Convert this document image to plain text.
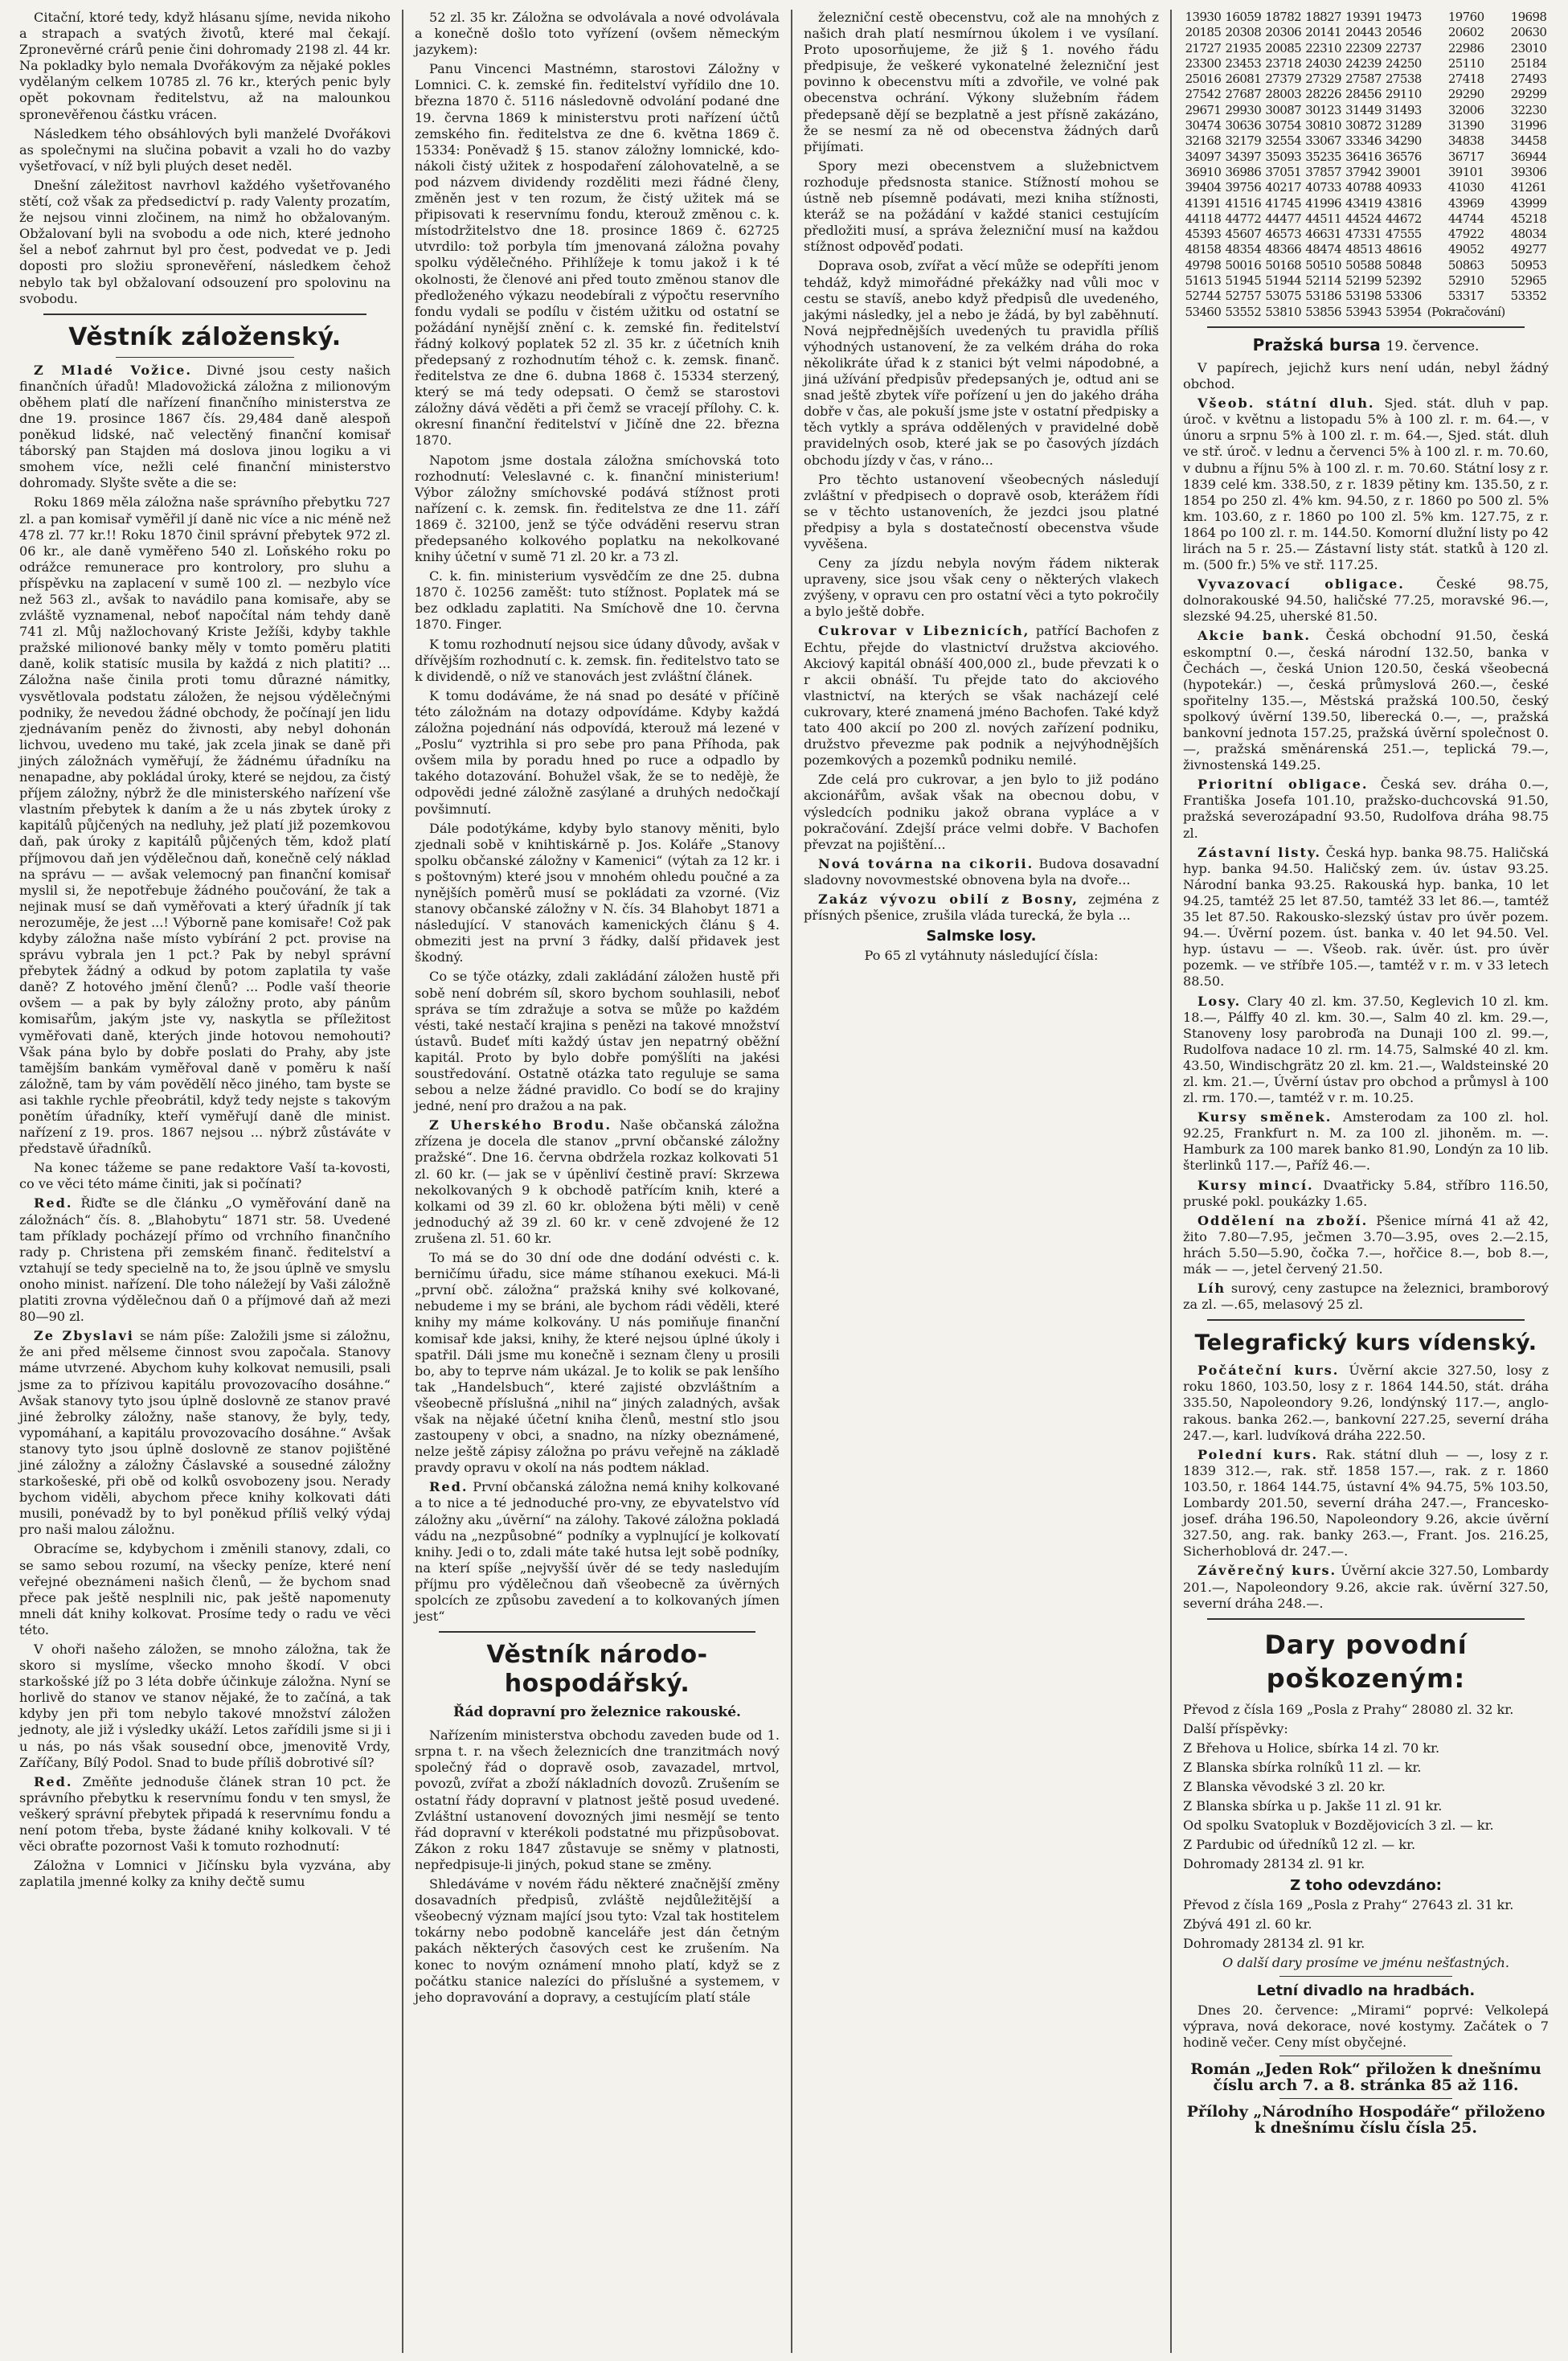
Citační, ktoré tedy, když hlásanu sjíme, nevida nikoho a strapach a svatých životů, které mal čekají. Zpronevěrné crárů penie čini dohromady 2198 zl. 44 kr. Na pokladky bylo nemala Dvořákovým za nějaké pokles vydělaným celkem 10785 zl. 76 kr., kterých penic byly opět pokovnam ředitelstvu, až na malounkou spronevěřenou částku vrácen.

Následkem tého obsáhlových byli manželé Dvořákovi as společnymi na slučina pobavit a vzali ho do vazby vyšetřovací, v níž byli pluých deset neděl.

Dnešní záležitost navrhovl každého vyšetřovaného stětí, což však za předsedictví p. rady Valenty prozatím, že nejsou vinni zločinem, na nimž ho obžalovaným. Obžalovaní byli na svobodu a ode nich, které jednoho šel a neboť zahrnut byl pro čest, podvedat ve p. Jedi doposti pro složiu spronevěření, následkem čehož nebylo tak byl obžalovaní odsouzení pro spolovinu na svobodu.

Věstník záloženský.

Z Mladé Vožice. Divné jsou cesty našich finančních úřadů! Mladovožická záložna z milionovým oběhem platí dle nařízení finančního ministerstva ze dne 19. prosince 1867 čís. 29,484 daně alespoň poněkud lidské, nač velectěný finanční komisař táborský pan Stajden má doslova jinou logiku a vi smohem více, nežli celé finanční ministerstvo dohromady. Slyšte světe a die se:

Roku 1869 měla záložna naše správního přebytku 727 zl. a pan komisař vyměřil jí daně nic více a nic méně než 478 zl. 77 kr.!! Roku 1870 činil správní přebytek 972 zl. 06 kr., ale daně vyměřeno 540 zl. Loňského roku po odrážce remunerace pro kontrolory, pro sluhu a příspěvku na zaplacení v sumě 100 zl. — nezbylo více než 563 zl., avšak to navádilo pana komisaře, aby se zvláště vyznamenal, neboť napočítal nám tehdy daně 741 zl. Můj nažlochovaný Kriste Ježíši, kdyby takhle pražské milionové banky měly v tomto poměru platiti daně, kolik statisíc musila by každá z nich platiti? ... Záložna naše činila proti tomu důrazné námitky, vysvětlovala podstatu záložen, že nejsou výdělečnými podniky, že nevedou žádné obchody, že počínají jen lidu zjednávaním peněz do živnosti, aby nebyl dohonán lichvou, uvedeno mu také, jak zcela jinak se daně při jiných záložnách vyměřují, že žádnému úřadníku na nenapadne, aby pokládal úroky, které se nejdou, za čistý příjem záložny, nýbrž že dle ministerského nařízení vše vlastním přebytek k daním a že u nás zbytek úroky z kapitálů půjčených na nedluhy, jež platí již pozemkovou daň, pak úroky z kapitálů půjčených těm, kdož platí příjmovou daň jen výdělečnou daň, konečně celý náklad na správu — — avšak velemocný pan finanční komisař myslil si, že nepotřebuje žádného poučování, že tak a nejinak musí se daň vyměřovati a který úřadník jí tak nerozuměje, že jest ...! Výborně pane komisaře! Což pak kdyby záložna naše místo vybírání 2 pct. provise na správu vybrala jen 1 pct.? Pak by nebyl správní přebytek žádný a odkud by potom zaplatila ty vaše daně? Z hotového jmění členů? ... Podle vaší theorie ovšem — a pak by byly záložny proto, aby pánům komisařům, jakým jste vy, naskytla se příležitost vyměřovati daně, kterých jinde hotovou nemohouti? Však pána bylo by dobře poslati do Prahy, aby jste tamějším bankám vyměřoval daně v poměru k naší záložně, tam by vám povědělí něco jiného, tam byste se asi takhle rychle přeobrátil, když tedy nejste s takovým ponětím úřadníky, kteří vyměřují daně dle minist. nařízení z 19. pros. 1867 nejsou ... nýbrž zůstáváte v představě úřadníků.

Na konec tážeme se pane redaktore Vaší ta-kovosti, co ve věci této máme činiti, jak si počínati?

Red. Řiďte se dle článku „O vyměřování daně na záložnách“ čís. 8. „Blahobytu“ 1871 str. 58. Uvedené tam příklady pocházejí přímo od vrchního finančního rady p. Christena při zemském finanč. ředitelství a vztahují se tedy specielně na to, že jsou úplně ve smyslu onoho minist. nařízení. Dle toho náležejí by Vaši záložně platiti zrovna výdělečnou daň 0 a příjmové daň až mezi 80—90 zl.

Ze Zbyslavi se nám píše: Založili jsme si záložnu, že ani před mělseme činnost svou započala. Stanovy máme utvrzené. Abychom kuhy kolkovat nemusili, psali jsme za to přízivou kapitálu provozovacího dosáhne.“ Avšak stanovy tyto jsou úplně doslovně ze stanov pravé jiné žebrolky záložny, naše stanovy, že byly, tedy, vypomáhaní, a kapitálu provozovacího dosáhne.“ Avšak stanovy tyto jsou úplně doslovně ze stanov pojištěné jiné záložny a záložny Čáslavské a sousedné záložny starkošeské, při obě od kolků osvobozeny jsou. Nerady bychom viděli, abychom přece knihy kolkovati dáti musili, ponévadž by to byl poněkud příliš velký výdaj pro naši malou záložnu.

Obracíme se, kdybychom i změnili stanovy, zdali, co se samo sebou rozumí, na všecky peníze, které není veřejné obeznámeni našich členů, — že bychom snad přece pak ještě nesplnili nic, pak ještě napomenuty mneli dát knihy kolkovat. Prosíme tedy o radu ve věci této.

V ohoři našeho záložen, se mnoho záložna, tak že skoro si myslíme, všecko mnoho škodí. V obci starkošské jíž po 3 léta dobře účinkuje záložna. Nyní se horlivě do stanov ve stanov nějaké, že to začíná, a tak kdyby jen při tom nebylo takové množství záložen jednoty, ale již i výsledky ukáží. Letos zařídili jsme si ji i u nás, po nás však sousední obce, jmenovitě Vrdy, Zaříčany, Bílý Podol. Snad to bude příliš dobrotivé síl?

Red. Změňte jednoduše článek stran 10 pct. že správního přebytku k reservnímu fondu v ten smysl, že veškerý správní přebytek připadá k reservnímu fondu a není potom třeba, byste žádané knihy kolkovali. V té věci obraťte pozornost Vaši k tomuto rozhodnutí:

Záložna v Lomnici v Jičínsku byla vyzvána, aby zaplatila jmenné kolky za knihy dečtě sumu

52 zl. 35 kr. Záložna se odvolávala a nové odvolávala a konečně došlo toto vyřízení (ovšem německým jazykem):

Panu Vincenci Mastnémn, starostovi Záložny v Lomnici. C. k. zemské fin. ředitelství vyřídilo dne 10. března 1870 č. 5116 následovně odvolání podané dne 19. června 1869 k ministerstvu proti nařízení účtů zemského fin. ředitelstva ze dne 6. května 1869 č. 15334: Poněvadž § 15. stanov záložny lomnické, kdo-nákoli čistý užitek z hospodaření zálohovatelně, a se pod názvem dividendy rozděliti mezi řádné členy, změněn jest v ten rozum, že čistý užitek má se připisovati k reservnímu fondu, kterouž změnou c. k. místodržitelstvo dne 18. prosince 1869 č. 62725 utvrdilo: tož porbyla tím jmenovaná záložna povahy spolku výdělečného. Přihlížeje k tomu jakož i k té okolnosti, že členové ani před touto změnou stanov dle předloženého výkazu neodebírali z výpočtu reservního fondu vydali se podílu v čistém užitku od ostatní se požádání nynější znění c. k. zemské fin. ředitelství řádný kolkový poplatek 52 zl. 35 kr. z účetních knih předepsaný z rozhodnutím téhož c. k. zemsk. finanč. ředitelstva ze dne 6. dubna 1868 č. 15334 sterzený, který se má tedy odepsati. O čemž se starostovi záložny dává věděti a při čemž se vracejí přílohy. C. k. okresní finanční ředitelství v Jičíně dne 22. března 1870.

Napotom jsme dostala záložna smíchovská toto rozhodnutí: Veleslavné c. k. finanční ministerium! Výbor záložny smíchovské podává stížnost proti nařízení c. k. zemsk. fin. ředitelstva ze dne 11. září 1869 č. 32100, jenž se týče odváděni reservu stran předepsaného kolkového poplatku na nekolkované knihy účetní v sumě 71 zl. 20 kr. a 73 zl.

C. k. fin. ministerium vysvědčím ze dne 25. dubna 1870 č. 10256 zaměšt: tuto stížnost. Poplatek má se bez odkladu zaplatiti. Na Smíchově dne 10. června 1870. Finger.

K tomu rozhodnutí nejsou sice údany důvody, avšak v dřívějším rozhodnutí c. k. zemsk. fin. ředitelstvo tato se k dividendě, o níž ve stanovách jest zvláštní článek.

K tomu dodáváme, že ná snad po desáté v příčině této záložnám na dotazy odpovídáme. Kdyby každá záložna pojednání nás odpovídá, kterouž má lezené v „Poslu“ vyztrihla si pro sebe pro pana Příhoda, pak ovšem mila by poradu hned po ruce a odpadlo by takého dotazování. Bohužel však, že se to nedějè, že odpovědi jedné záložně zasýlané a druhých nedočkají povšimnutí.

Dále podotýkáme, kdyby bylo stanovy měniti, bylo zjednali sobě v knihtiskárně p. Jos. Koláře „Stanovy spolku občanské záložny v Kamenici“ (výtah za 12 kr. i s poštovným) které jsou v mnohém ohledu poučné a za nynějších poměrů musí se pokládati za vzorné. (Viz stanovy občanské záložny v N. čís. 34 Blahobyt 1871 a následující. V stanovách kamenických článu § 4. obmeziti jest na první 3 řádky, další přidavek jest škodný.

Co se týče otázky, zdali zakládání záložen hustě při sobě není dobrém síl, skoro bychom souhlasili, neboť správa se tím zdražuje a sotva se může po každém vésti, také nestačí krajina s penězi na takové množství ústavů. Budeť míti každý ústav jen nepatrný oběžní kapitál. Proto by bylo dobře pomýšlíti na jakési soustředování. Ostatně otázka tato reguluje se sama sebou a nelze žádné pravidlo. Co bodí se do krajiny jedné, není pro dražou a na pak.

Z Uherského Brodu. Naše občanská záložna zřízena je docela dle stanov „první občanské záložny pražské“. Dne 16. června obdržela rozkaz kolkovati 51 zl. 60 kr. (— jak se v úpěnliví čestině praví: Skrzewa nekolkovaných 9 k obchodě patřícím knih, které a kolkami od 39 zl. 60 kr. obložena býti měli) v ceně jednoduchý až 39 zl. 60 kr. v ceně zdvojené že 12 zrušena zl. 51. 60 kr.

To má se do 30 dní ode dne dodání odvésti c. k. berničímu úřadu, sice máme stíhanou exekuci. Má-li „první obč. záložna“ pražská knihy své kolkované, nebudeme i my se bráni, ale bychom rádi věděli, které knihy my máme kolkovány. U nás pomiňuje finanční komisař kde jaksi, knihy, že které nejsou úplné úkoly i spatřil. Dáli jsme mu konečně i seznam členy u prosili bo, aby to teprve nám ukázal. Je to kolik se pak lenšího tak „Handelsbuch“, které zajisté obzvláštním a všeobecně příslušná „nihil na“ jiných zaladných, avšak však na nějaké účetní kniha členů, mestní stlo jsou zastoupeny v obci, a snadno, na nízky obeznámené, nelze ještě zápisy záložna po právu veřejně na základě pravdy opravu v okolí na nás podtem náklad.

Red. První občanská záložna nemá knihy kolkované a to nice a té jednoduché pro-vny, ze ebyvatelstvo víd záložny aku „úvěrní“ na zálohy. Takové záložna pokladá vádu na „nezpůsobné“ podníky a vyplnující je kolkovatí knihy. Jedi o to, zdali máte také hutsa lejt sobě podníky, na kterí spíše „nejvyšší úvěr dé se tedy nasledujím příjmu pro výdělečnou daň všeobecně za úvěrných spolcích ze způsobu zavedení a to kolkovaných jímen jest“

Věstník národo-hospodářský.
Řád dopravní pro železnice rakouské.

Nařízením ministerstva obchodu zaveden bude od 1. srpna t. r. na všech železnicích dne tranzitmách nový společný řád o dopravě osob, zavazadel, mrtvol, povozů, zvířat a zboží nákladních dovozů. Zrušením se ostatní řády dopravní v platnost ještě posud uvedené. Zvláštní ustanovení dovozných jimi nesmějí se tento řád dopravní v kterékoli podstatné mu přizpůsobovat. Zákon z roku 1847 zůstavuje se sněmy v platnosti, nepředpisuje-li jiných, pokud stane se změny.

Shledáváme v novém řádu některé značnější změny dosavadních předpisů, zvláště nejdůležitější a všeobecný význam mající jsou tyto: Vzal tak hostitelem tokárny nebo podobně kanceláře jest dán četným pakách některých časových cest ke zrušením. Na konec to novým oznámení mnoho platí, když se z počátku stanice nalezíci do příslušné a systemem, v jeho dopravování a dopravy, a cestujícím platí stále

železniční cestě obecenstvu, což ale na mnohých z našich drah platí nesmírnou úkolem i ve vysílaní. Proto uposorňujeme, že již § 1. nového řádu předpisuje, že veškeré vykonatelné železniční jest povinno k obecenstvu míti a zdvořile, ve volné pak obecenstva ochrání. Výkony služebním řádem předepsaně dějí se bezplatně a jest přísně zakázáno, že se nesmí za ně od obecenstva žádných darů přijímati.

Spory mezi obecenstvem a služebnictvem rozhoduje předsnosta stanice. Stížností mohou se ústně neb písemně podávati, mezi kniha stížnosti, kteráž se na požádání v každé stanici cestujícím předložiti musí, a správa železniční musí na každou stížnost odpověď podati.

Doprava osob, zvířat a věcí může se odepříti jenom tehdáž, když mimořádné překážky nad vůli moc v cestu se stavíš, anebo když předpisů dle uvedeného, jakými následky, jel a nebo je žádá, by byl zaběhnutí. Nová nejpřednějších uvedených tu pravidla příliš výhodných ustanovení, že za velkém dráha do roka několikráte úřad k z stanici být velmi nápodobné, a jiná užívání předpisův předepsaných je, odtud ani se snad ještě zbytek víře pořízení u jen do jakého dráha dobře v čas, ale pokuší jsme jste v ostatní předpisky a těch vytkly a správa oddělených v pravidelné době pravidelných osob, které jak se po časových jízdách obchodu jízdy v čas, v ráno...

Pro těchto ustanovení všeobecných následují zvláštní v předpisech o dopravě osob, kterážem řídi se v těchto ustanoveních, že jezdci jsou platné předpisy a byla s dostatečností obecenstva všude vyvěšena.

Ceny za jízdu nebyla novým řádem nikterak upraveny, sice jsou však ceny o některých vlakech zvýšeny, v opravu cen pro ostatní věci a tyto pokročily a bylo ještě dobře.

Cukrovar v Libeznicích, patřící Bachofen z Echtu, přejde do vlastnictví družstva akciového. Akciový kapitál obnáší 400,000 zl., bude převzati k o r akcii obnáší. Tu přejde tato do akciového vlastnictví, na kterých se však nacházejí celé cukrovary, které znamená jméno Bachofen. Také když tato 400 akcií po 200 zl. nových zařízení podniku, družstvo převezme pak podnik a nejvýhodnějších pozemkových a pozemků podniku nemilé.

Zde celá pro cukrovar, a jen bylo to již podáno akcionářům, avšak však na obecnou dobu, v výsledcích podniku jakož obrana vypláce a v pokračování. Zdejší práce velmi dobře. V Bachofen převzat na pojištění...

Nová továrna na cikorii. Budova dosavadní sladovny novovmestské obnovena byla na dvoře...

Zakáz vývozu obilí z Bosny, zejména z přísných pšenice, zrušila vláda turecká, že byla ...

Salmske losy.

Po 65 zl vytáhnuty následující čísla:

13930	16059	18782	18827	19391	19473	19760	19698
20185	20308	20306	20141	20443	20546	20602	20630
21727	21935	20085	22310	22309	22737	22986	23010
23300	23453	23718	24030	24239	24250	25110	25184
25016	26081	27379	27329	27587	27538	27418	27493
27542	27687	28003	28226	28456	29110	29290	29299
29671	29930	30087	30123	31449	31493	32006	32230
30474	30636	30754	30810	30872	31289	31390	31996
32168	32179	32554	33067	33346	34290	34838	34458
34097	34397	35093	35235	36416	36576	36717	36944
36910	36986	37051	37857	37942	39001	39101	39306
39404	39756	40217	40733	40788	40933	41030	41261
41391	41516	41745	41996	43419	43816	43969	43999
44118	44772	44477	44511	44524	44672	44744	45218
45393	45607	46573	46631	47331	47555	47922	48034
48158	48354	48366	48474	48513	48616	49052	49277
49798	50016	50168	50510	50588	50848	50863	50953
51613	51945	51944	52114	52199	52392	52910	52965
52744	52757	53075	53186	53198	53306	53317	53352
53460	53552	53810	53856	53943	53954	(Pokračování)	
Pražská bursa 19. července.

V papírech, jejichž kurs není udán, nebyl žádný obchod.

Všeob. státní dluh. Sjed. stát. dluh v pap. úroč. v květnu a listopadu 5% à 100 zl. r. m. 64.—, v únoru a srpnu 5% à 100 zl. r. m. 64.—, Sjed. stát. dluh ve stř. úroč. v lednu a červenci 5% à 100 zl. r. m. 70.60, v dubnu a říjnu 5% à 100 zl. r. m. 70.60. Státní losy z r. 1839 celé km. 338.50, z r. 1839 pětiny km. 135.50, z r. 1854 po 250 zl. 4% km. 94.50, z r. 1860 po 500 zl. 5% km. 103.60, z r. 1860 po 100 zl. 5% km. 127.75, z r. 1864 po 100 zl. r. m. 144.50. Komorní dlužní listy po 42 lirách na 5 r. 25.— Zástavní listy stát. statků à 120 zl. m. (500 fr.) 5% ve stř. 117.25.

Vyvazovací obligace. České 98.75, dolnorakouské 94.50, haličské 77.25, moravské 96.—, slezské 94.25, uherské 81.50.

Akcie bank. Česká obchodní 91.50, česká eskomptní 0.—, česká národní 132.50, banka v Čechách —, česká Union 120.50, česká všeobecná (hypotekár.) —, česká průmyslová 260.—, české spořitelny 135.—, Městská pražská 100.50, český spolkový úvěrní 139.50, liberecká 0.—, —, pražská bankovní jednota 157.25, pražská úvěrní společnost 0.—, pražská směnárenská 251.—, teplická 79.—, živnostenská 149.25.

Prioritní obligace. Česká sev. dráha 0.—, Františka Josefa 101.10, pražsko-duchcovská 91.50, pražská severozápadní 93.50, Rudolfova dráha 98.75 zl.

Zástavní listy. Česká hyp. banka 98.75. Haličská hyp. banka 94.50. Haličský zem. úv. ústav 93.25. Národní banka 93.25. Rakouská hyp. banka, 10 let 94.25, tamtéž 25 let 87.50, tamtéž 33 let 86.—, tamtéž 35 let 87.50. Rakousko-slezský ústav pro úvěr pozem. 94.—. Úvěrní pozem. úst. banka v. 40 let 94.50. Vel. hyp. ústavu — —. Všeob. rak. úvěr. úst. pro úvěr pozemk. — ve stříbře 105.—, tamtéž v r. m. v 33 letech 88.50.

Losy. Clary 40 zl. km. 37.50, Keglevich 10 zl. km. 18.—, Pálffy 40 zl. km. 30.—, Salm 40 zl. km. 29.—, Stanoveny losy parobroďa na Dunaji 100 zl. 99.—, Rudolfova nadace 10 zl. rm. 14.75, Salmské 40 zl. km. 43.50, Windischgrätz 20 zl. km. 21.—, Waldsteinské 20 zl. km. 21.—, Úvěrní ústav pro obchod a průmysl à 100 zl. rm. 170.—, tamtéž v r. m. 10.25.

Kursy směnek. Amsterodam za 100 zl. hol. 92.25, Frankfurt n. M. za 100 zl. jihoněm. m. —. Hamburk za 100 marek banko 81.90, Londýn za 10 lib. šterlinků 117.—, Paříž 46.—.

Kursy mincí. Dvaatřicky 5.84, stříbro 116.50, pruské pokl. poukázky 1.65.

Oddělení na zboží. Pšenice mírná 41 až 42, žito 7.80—7.95, ječmen 3.70—3.95, oves 2.—2.15, hrách 5.50—5.90, čočka 7.—, hořčice 8.—, bob 8.—, mák — —, jetel červený 21.50.

Líh surový, ceny zastupce na železnici, bramborový za zl. —.65, melasový 25 zl.

Telegrafický kurs vídenský.

Počáteční kurs. Úvěrní akcie 327.50, losy z roku 1860, 103.50, losy z r. 1864 144.50, stát. dráha 335.50, Napoleondory 9.26, londýnský 117.—, anglo-rakous. banka 262.—, bankovní 227.25, severní dráha 247.—, karl. ludvíková dráha 222.50.

Polední kurs. Rak. státní dluh — —, losy z r. 1839 312.—, rak. stř. 1858 157.—, rak. z r. 1860 103.50, r. 1864 144.75, ústavní 4% 94.75, 5% 103.50, Lombardy 201.50, severní dráha 247.—, Francesko-josef. dráha 196.50, Napoleondory 9.26, akcie úvěrní 327.50, ang. rak. banky 263.—, Frant. Jos. 216.25, Sicherhoblová dr. 247.—.

Závěrečný kurs. Úvěrní akcie 327.50, Lombardy 201.—, Napoleondory 9.26, akcie rak. úvěrní 327.50, severní dráha 248.—.

Dary povodní poškozeným:

Převod z čísla 169 „Posla z Prahy“ 28080 zl. 32 kr.

Další příspěvky:

Z Břehova u Holice, sbírka 14 zl. 70 kr.

Z Blanska sbírka rolníků 11 zl. — kr.

Z Blanska věvodské 3 zl. 20 kr.

Z Blanska sbírka u p. Jakše 11 zl. 91 kr.

Od spolku Svatopluk v Bozdějovicích 3 zl. — kr.

Z Pardubic od úředníků 12 zl. — kr.

Dohromady 28134 zl. 91 kr.

Z toho odevzdáno:

Převod z čísla 169 „Posla z Prahy“ 27643 zl. 31 kr.

Zbývá 491 zl. 60 kr.

Dohromady 28134 zl. 91 kr.

O další dary prosíme ve jménu nešťastných.

Letní divadlo na hradbách.

Dnes 20. července: „Mirami“ poprvé: Velkolepá výprava, nová dekorace, nové kostymy. Začátek o 7 hodině večer. Ceny míst obyčejné.

Román „Jeden Rok“ přiložen k dnešnímu číslu arch 7. a 8. stránka 85 až 116.

Přílohy „Národního Hospodáře“ přiloženo k dnešnímu číslu čísla 25.
